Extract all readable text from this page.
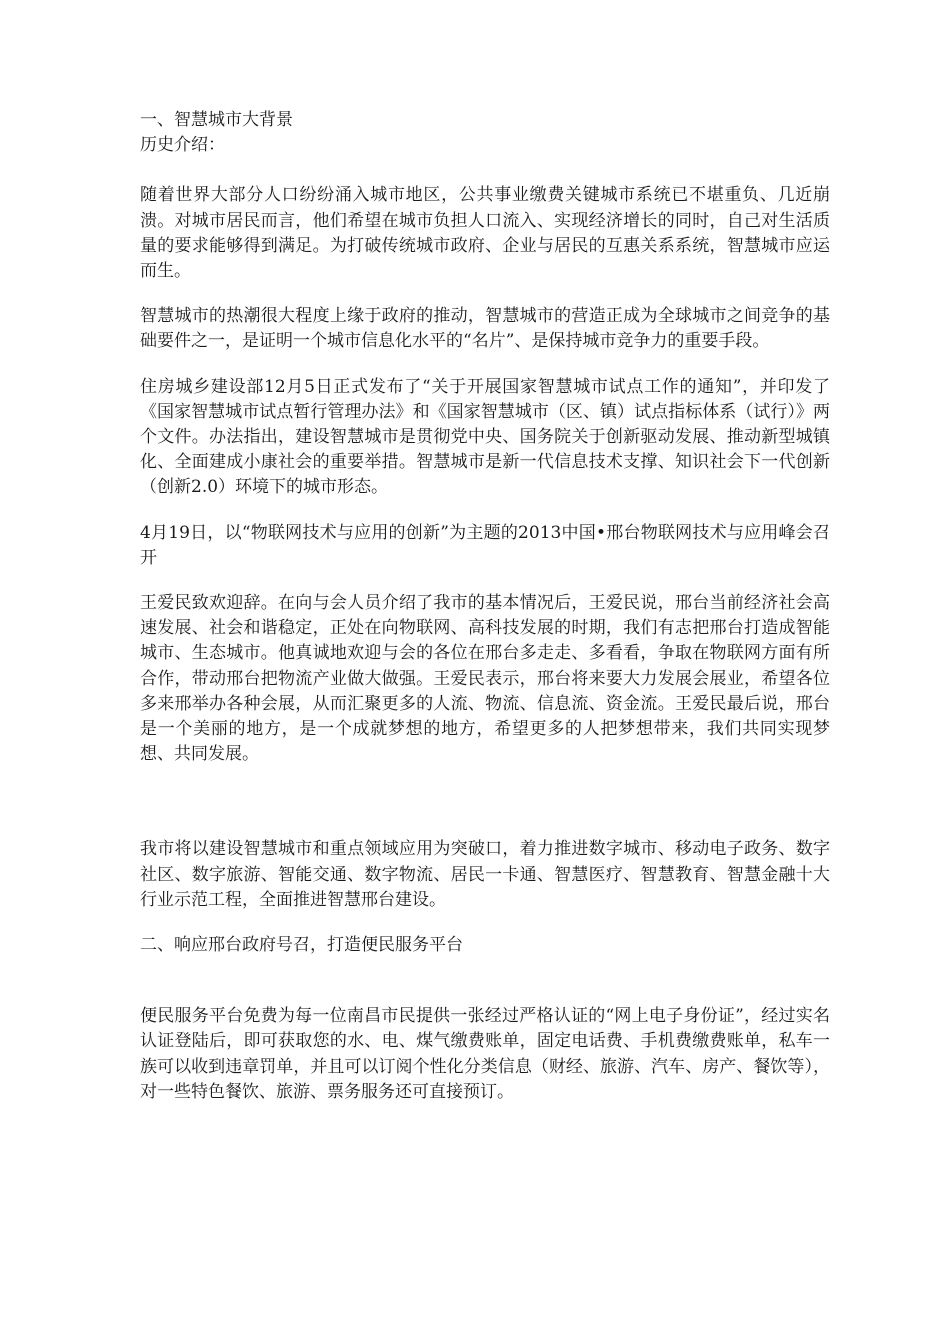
一、智慧城市大背景

历史介绍：

随着世界大部分人口纷纷涌入城市地区，公共事业缴费关键城市系统已不堪重负、几近崩溃。对城市居民而言，他们希望在城市负担人口流入、实现经济增长的同时，自己对生活质量的要求能够得到满足。为打破传统城市政府、企业与居民的互惠关系系统，智慧城市应运而生。

智慧城市的热潮很大程度上缘于政府的推动，智慧城市的营造正成为全球城市之间竞争的基础要件之一，是证明一个城市信息化水平的“名片”、是保持城市竞争力的重要手段。

住房城乡建设部12月5日正式发布了“关于开展国家智慧城市试点工作的通知”，并印发了《国家智慧城市试点暂行管理办法》和《国家智慧城市（区、镇）试点指标体系（试行）》两个文件。办法指出，建设智慧城市是贯彻党中央、国务院关于创新驱动发展、推动新型城镇化、全面建成小康社会的重要举措。智慧城市是新一代信息技术支撑、知识社会下一代创新（创新2.0）环境下的城市形态。

4月19日，以“物联网技术与应用的创新”为主题的2013中国•邢台物联网技术与应用峰会召开

王爱民致欢迎辞。在向与会人员介绍了我市的基本情况后，王爱民说，邢台当前经济社会高速发展、社会和谐稳定，正处在向物联网、高科技发展的时期，我们有志把邢台打造成智能城市、生态城市。他真诚地欢迎与会的各位在邢台多走走、多看看，争取在物联网方面有所合作，带动邢台把物流产业做大做强。王爱民表示，邢台将来要大力发展会展业，希望各位多来邢举办各种会展，从而汇聚更多的人流、物流、信息流、资金流。王爱民最后说，邢台是一个美丽的地方，是一个成就梦想的地方，希望更多的人把梦想带来，我们共同实现梦想、共同发展。

我市将以建设智慧城市和重点领域应用为突破口，着力推进数字城市、移动电子政务、数字社区、数字旅游、智能交通、数字物流、居民一卡通、智慧医疗、智慧教育、智慧金融十大行业示范工程，全面推进智慧邢台建设。

二、响应邢台政府号召，打造便民服务平台

便民服务平台免费为每一位南昌市民提供一张经过严格认证的“网上电子身份证”，经过实名认证登陆后，即可获取您的水、电、煤气缴费账单，固定电话费、手机费缴费账单，私车一族可以收到违章罚单，并且可以订阅个性化分类信息（财经、旅游、汽车、房产、餐饮等），对一些特色餐饮、旅游、票务服务还可直接预订。
